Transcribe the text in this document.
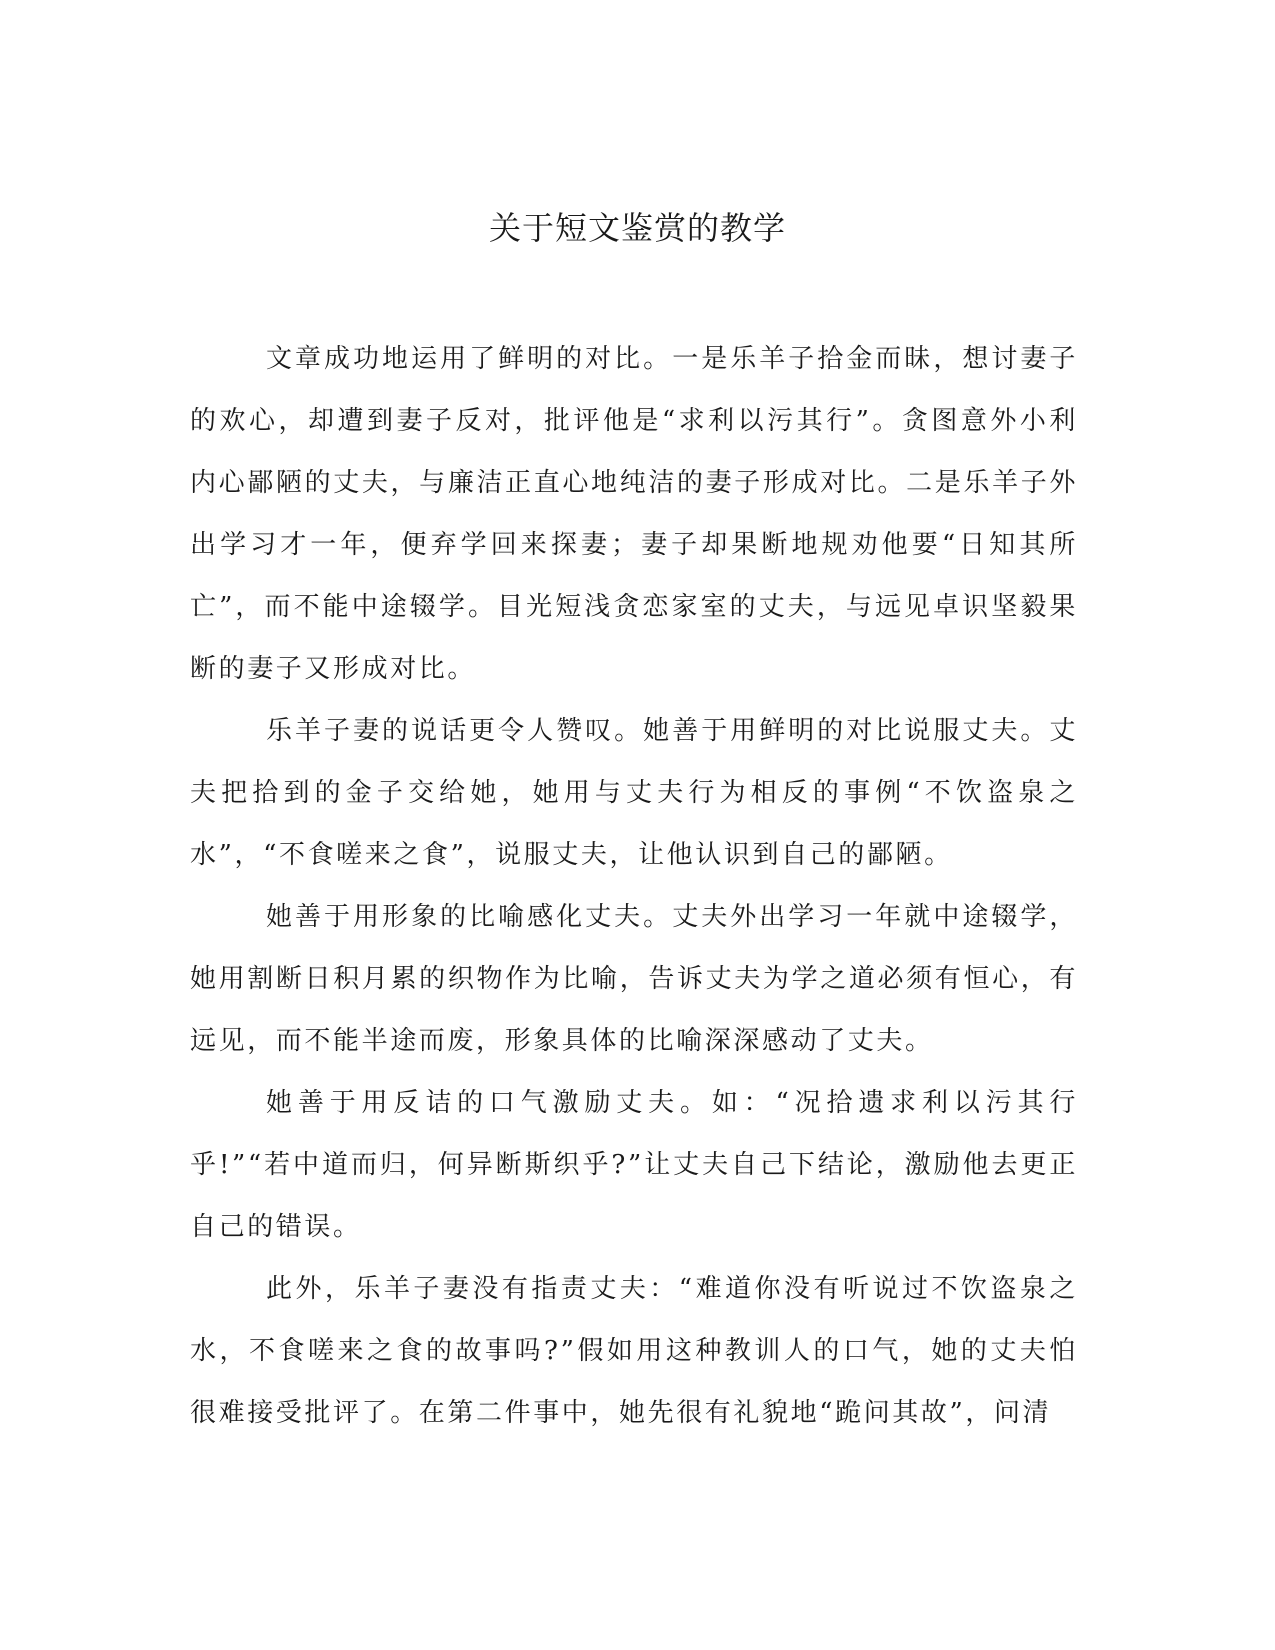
关于短文鉴赏的教学

文章成功地运用了鲜明的对比。一是乐羊子拾金而昧，想讨妻子的欢心，却遭到妻子反对，批评他是“求利以污其行”。贪图意外小利内心鄙陋的丈夫，与廉洁正直心地纯洁的妻子形成对比。二是乐羊子外出学习才一年，便弃学回来探妻；妻子却果断地规劝他要“日知其所亡”，而不能中途辍学。目光短浅贪恋家室的丈夫，与远见卓识坚毅果断的妻子又形成对比。

乐羊子妻的说话更令人赞叹。她善于用鲜明的对比说服丈夫。丈夫把拾到的金子交给她，她用与丈夫行为相反的事例“不饮盗泉之水”，“不食嗟来之食”，说服丈夫，让他认识到自己的鄙陋。

她善于用形象的比喻感化丈夫。丈夫外出学习一年就中途辍学，她用割断日积月累的织物作为比喻，告诉丈夫为学之道必须有恒心，有远见，而不能半途而废，形象具体的比喻深深感动了丈夫。

她善于用反诘的口气激励丈夫。如：“况拾遗求利以污其行乎!”“若中道而归，何异断斯织乎?”让丈夫自己下结论，激励他去更正自己的错误。

此外，乐羊子妻没有指责丈夫：“难道你没有听说过不饮盗泉之水，不食嗟来之食的故事吗?”假如用这种教训人的口气，她的丈夫怕很难接受批评了。在第二件事中，她先很有礼貌地“跪问其故”，问清
